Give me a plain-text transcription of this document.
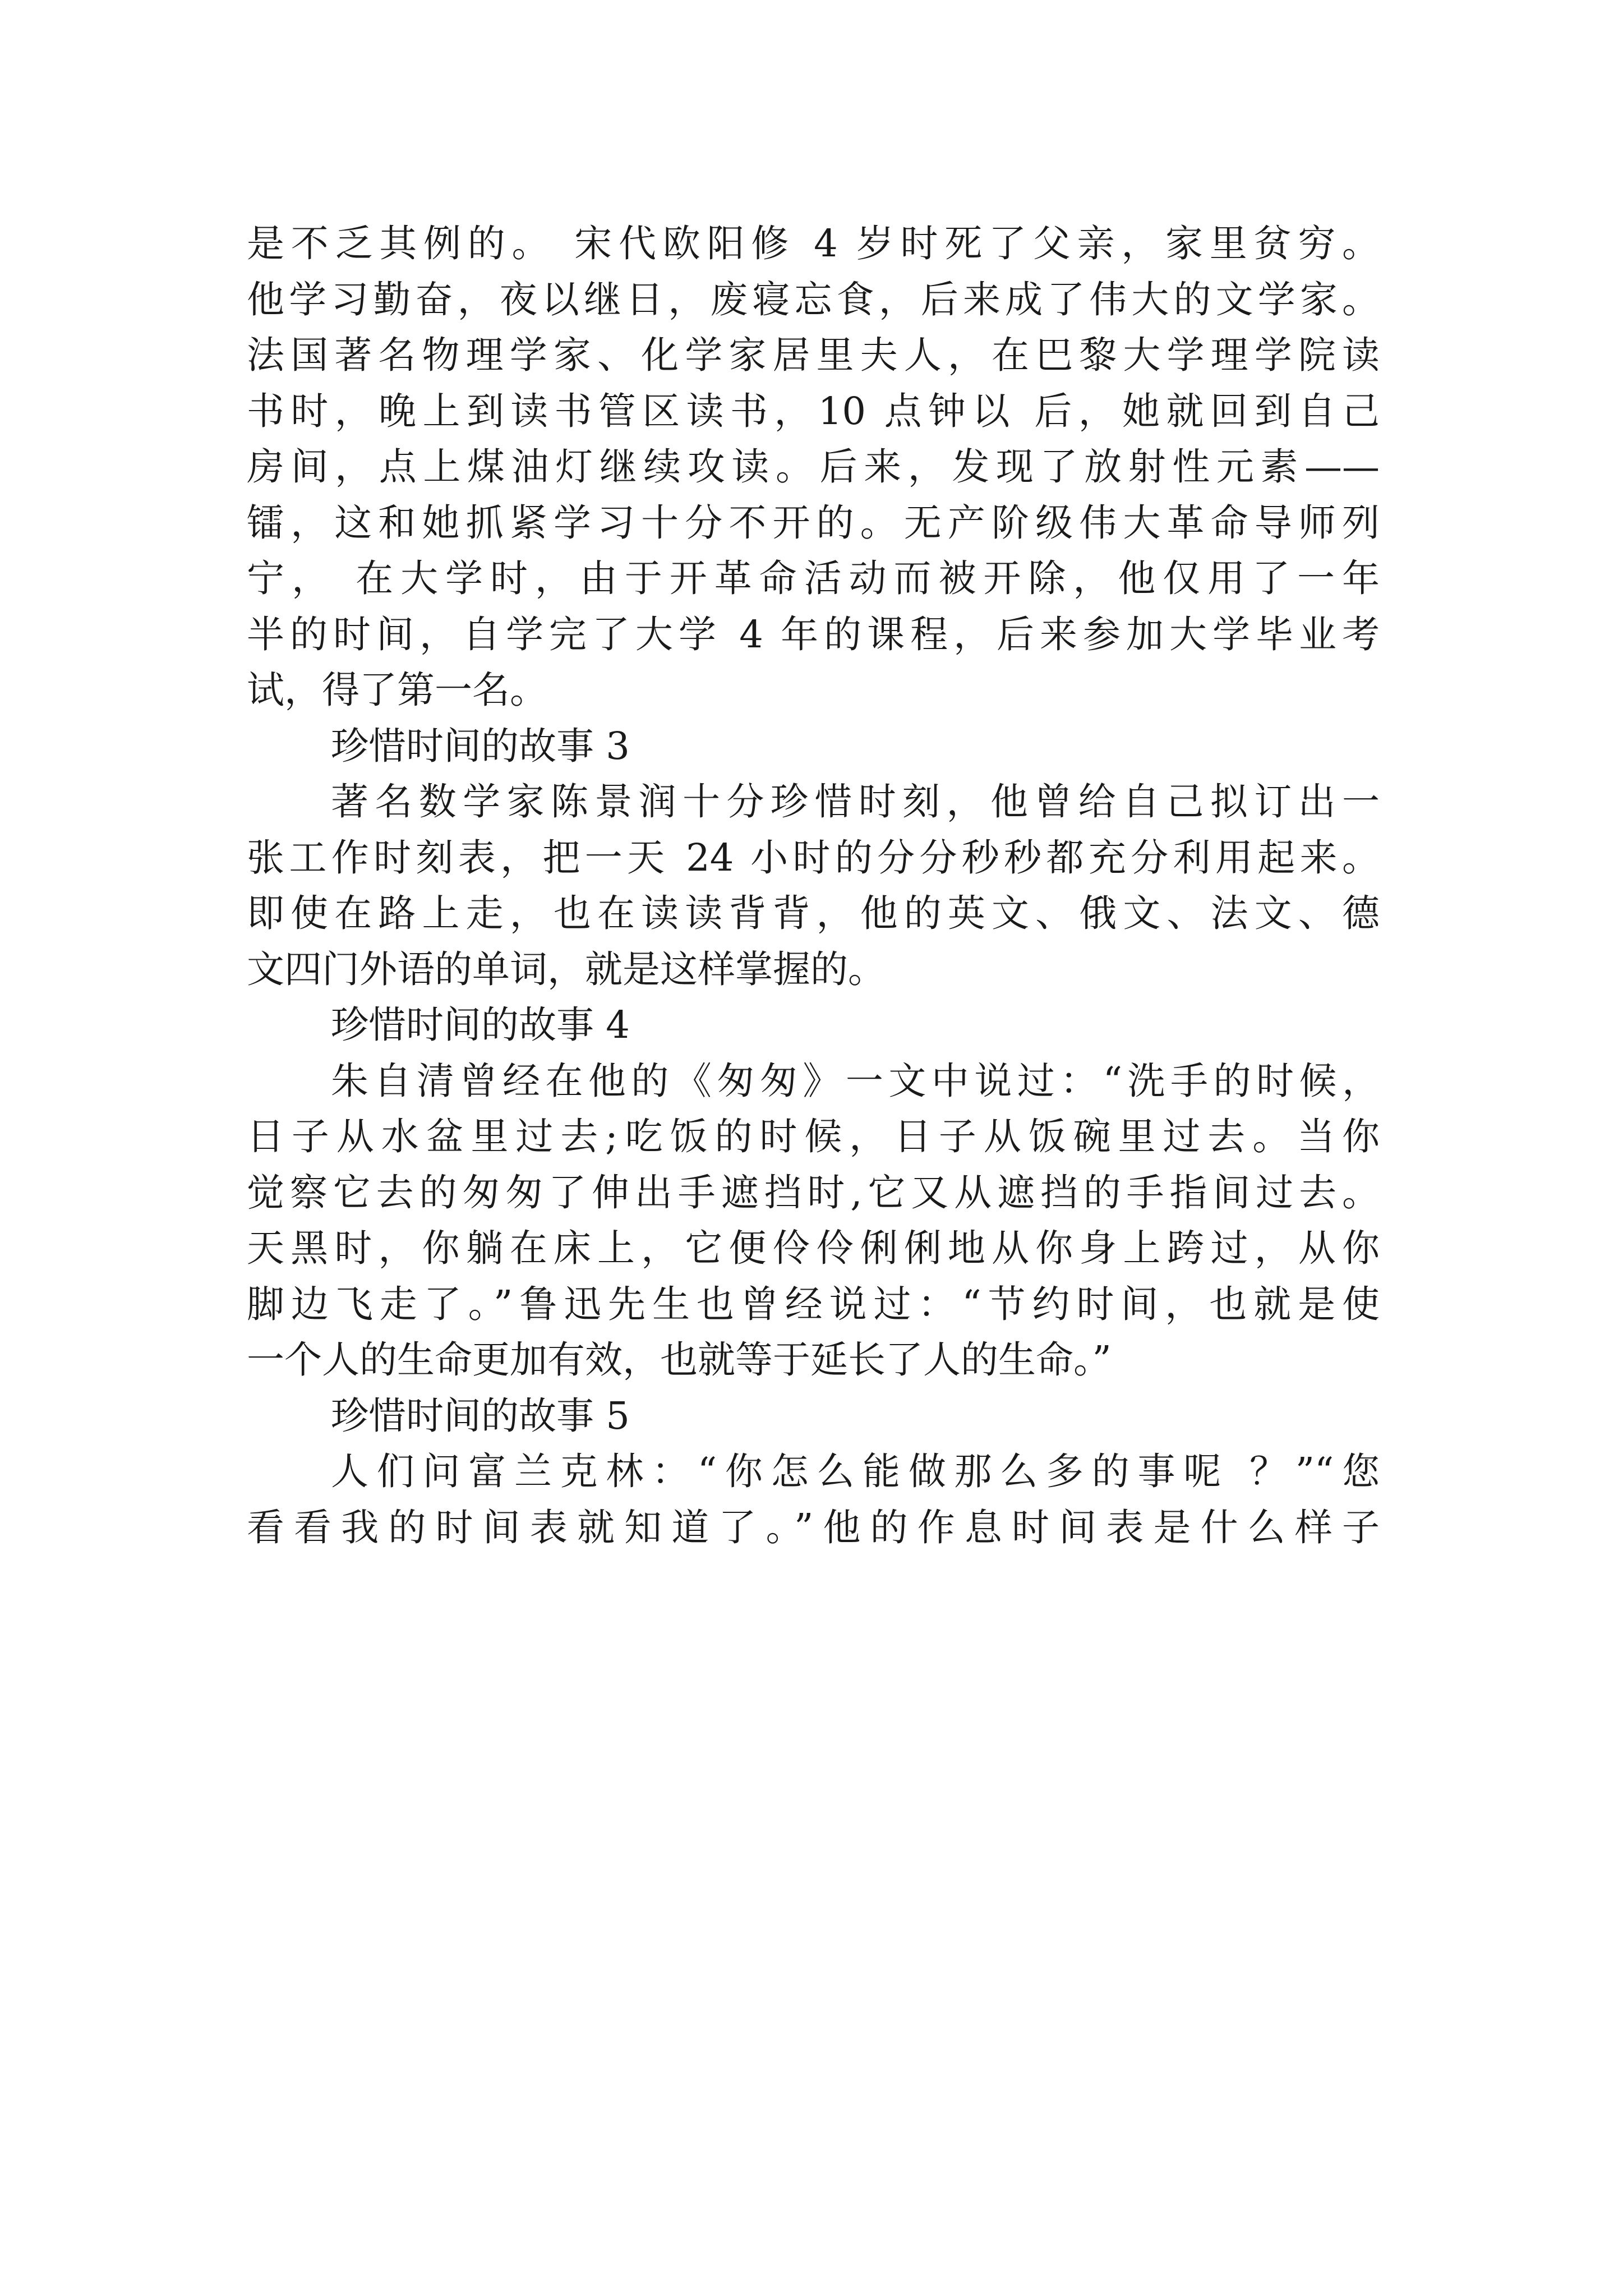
是不乏其例的。 宋代欧阳修 4 岁时死了父亲，家里贫穷。
他学习勤奋，夜以继日，废寝忘食，后来成了伟大的文学家。
法国著名物理学家、化学家居里夫人，在巴黎大学理学院读
书时，晚上到读书管区读书，10 点钟以 后，她就回到自己
房间，点上煤油灯继续攻读。后来，发现了放射性元素——
镭，这和她抓紧学习十分不开的。无产阶级伟大革命导师列
宁， 在大学时，由于开革命活动而被开除，他仅用了一年
半的时间，自学完了大学 4 年的课程，后来参加大学毕业考
试，得了第一名。
珍惜时间的故事 3
著名数学家陈景润十分珍惜时刻，他曾给自己拟订出一
张工作时刻表，把一天 24 小时的分分秒秒都充分利用起来。
即使在路上走，也在读读背背，他的英文、俄文、法文、德
文四门外语的单词，就是这样掌握的。
珍惜时间的故事 4
朱自清曾经在他的《匆匆》一文中说过：“洗手的时候，
日子从水盆里过去;吃饭的时候，日子从饭碗里过去。当你
觉察它去的匆匆了伸出手遮挡时,它又从遮挡的手指间过去。
天黑时，你躺在床上，它便伶伶俐俐地从你身上跨过，从你
脚边飞走了。”鲁迅先生也曾经说过：“节约时间，也就是使
一个人的生命更加有效，也就等于延长了人的生命。”
珍惜时间的故事 5
人们问富兰克林：“你怎么能做那么多的事呢 ？”“您
看看我的时间表就知道了。”他的作息时间表是什么样子
